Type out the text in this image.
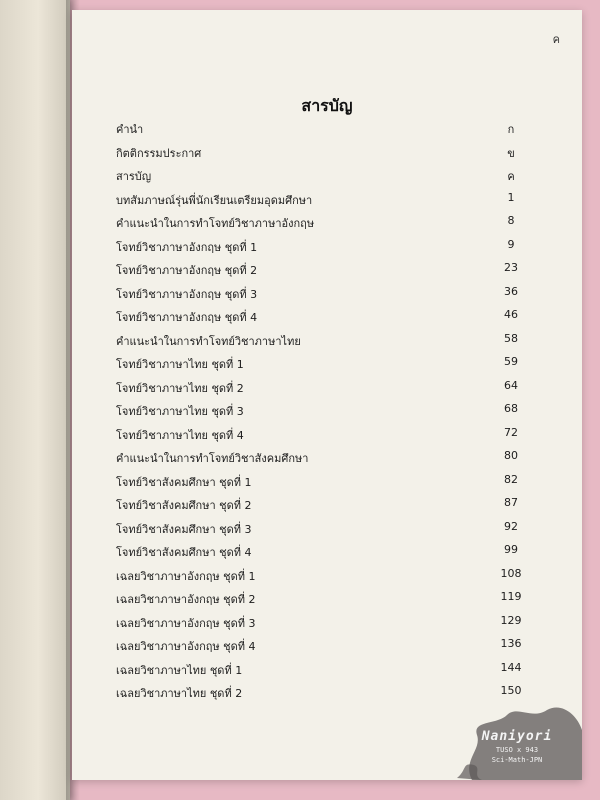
ค
สารบัญ
คำนำ	ก
กิตติกรรมประกาศ	ข
สารบัญ	ค
บทสัมภาษณ์รุ่นพี่นักเรียนเตรียมอุดมศึกษา	1
คำแนะนำในการทำโจทย์วิชาภาษาอังกฤษ	8
โจทย์วิชาภาษาอังกฤษ ชุดที่ 1	9
โจทย์วิชาภาษาอังกฤษ ชุดที่ 2	23
โจทย์วิชาภาษาอังกฤษ ชุดที่ 3	36
โจทย์วิชาภาษาอังกฤษ ชุดที่ 4	46
คำแนะนำในการทำโจทย์วิชาภาษาไทย	58
โจทย์วิชาภาษาไทย ชุดที่ 1	59
โจทย์วิชาภาษาไทย ชุดที่ 2	64
โจทย์วิชาภาษาไทย ชุดที่ 3	68
โจทย์วิชาภาษาไทย ชุดที่ 4	72
คำแนะนำในการทำโจทย์วิชาสังคมศึกษา	80
โจทย์วิชาสังคมศึกษา ชุดที่ 1	82
โจทย์วิชาสังคมศึกษา ชุดที่ 2	87
โจทย์วิชาสังคมศึกษา ชุดที่ 3	92
โจทย์วิชาสังคมศึกษา ชุดที่ 4	99
เฉลยวิชาภาษาอังกฤษ ชุดที่ 1	108
เฉลยวิชาภาษาอังกฤษ ชุดที่ 2	119
เฉลยวิชาภาษาอังกฤษ ชุดที่ 3	129
เฉลยวิชาภาษาอังกฤษ ชุดที่ 4	136
เฉลยวิชาภาษาไทย ชุดที่ 1	144
เฉลยวิชาภาษาไทย ชุดที่ 2	150
Naniyori
TUSO x 943
Sci-Math-JPN
